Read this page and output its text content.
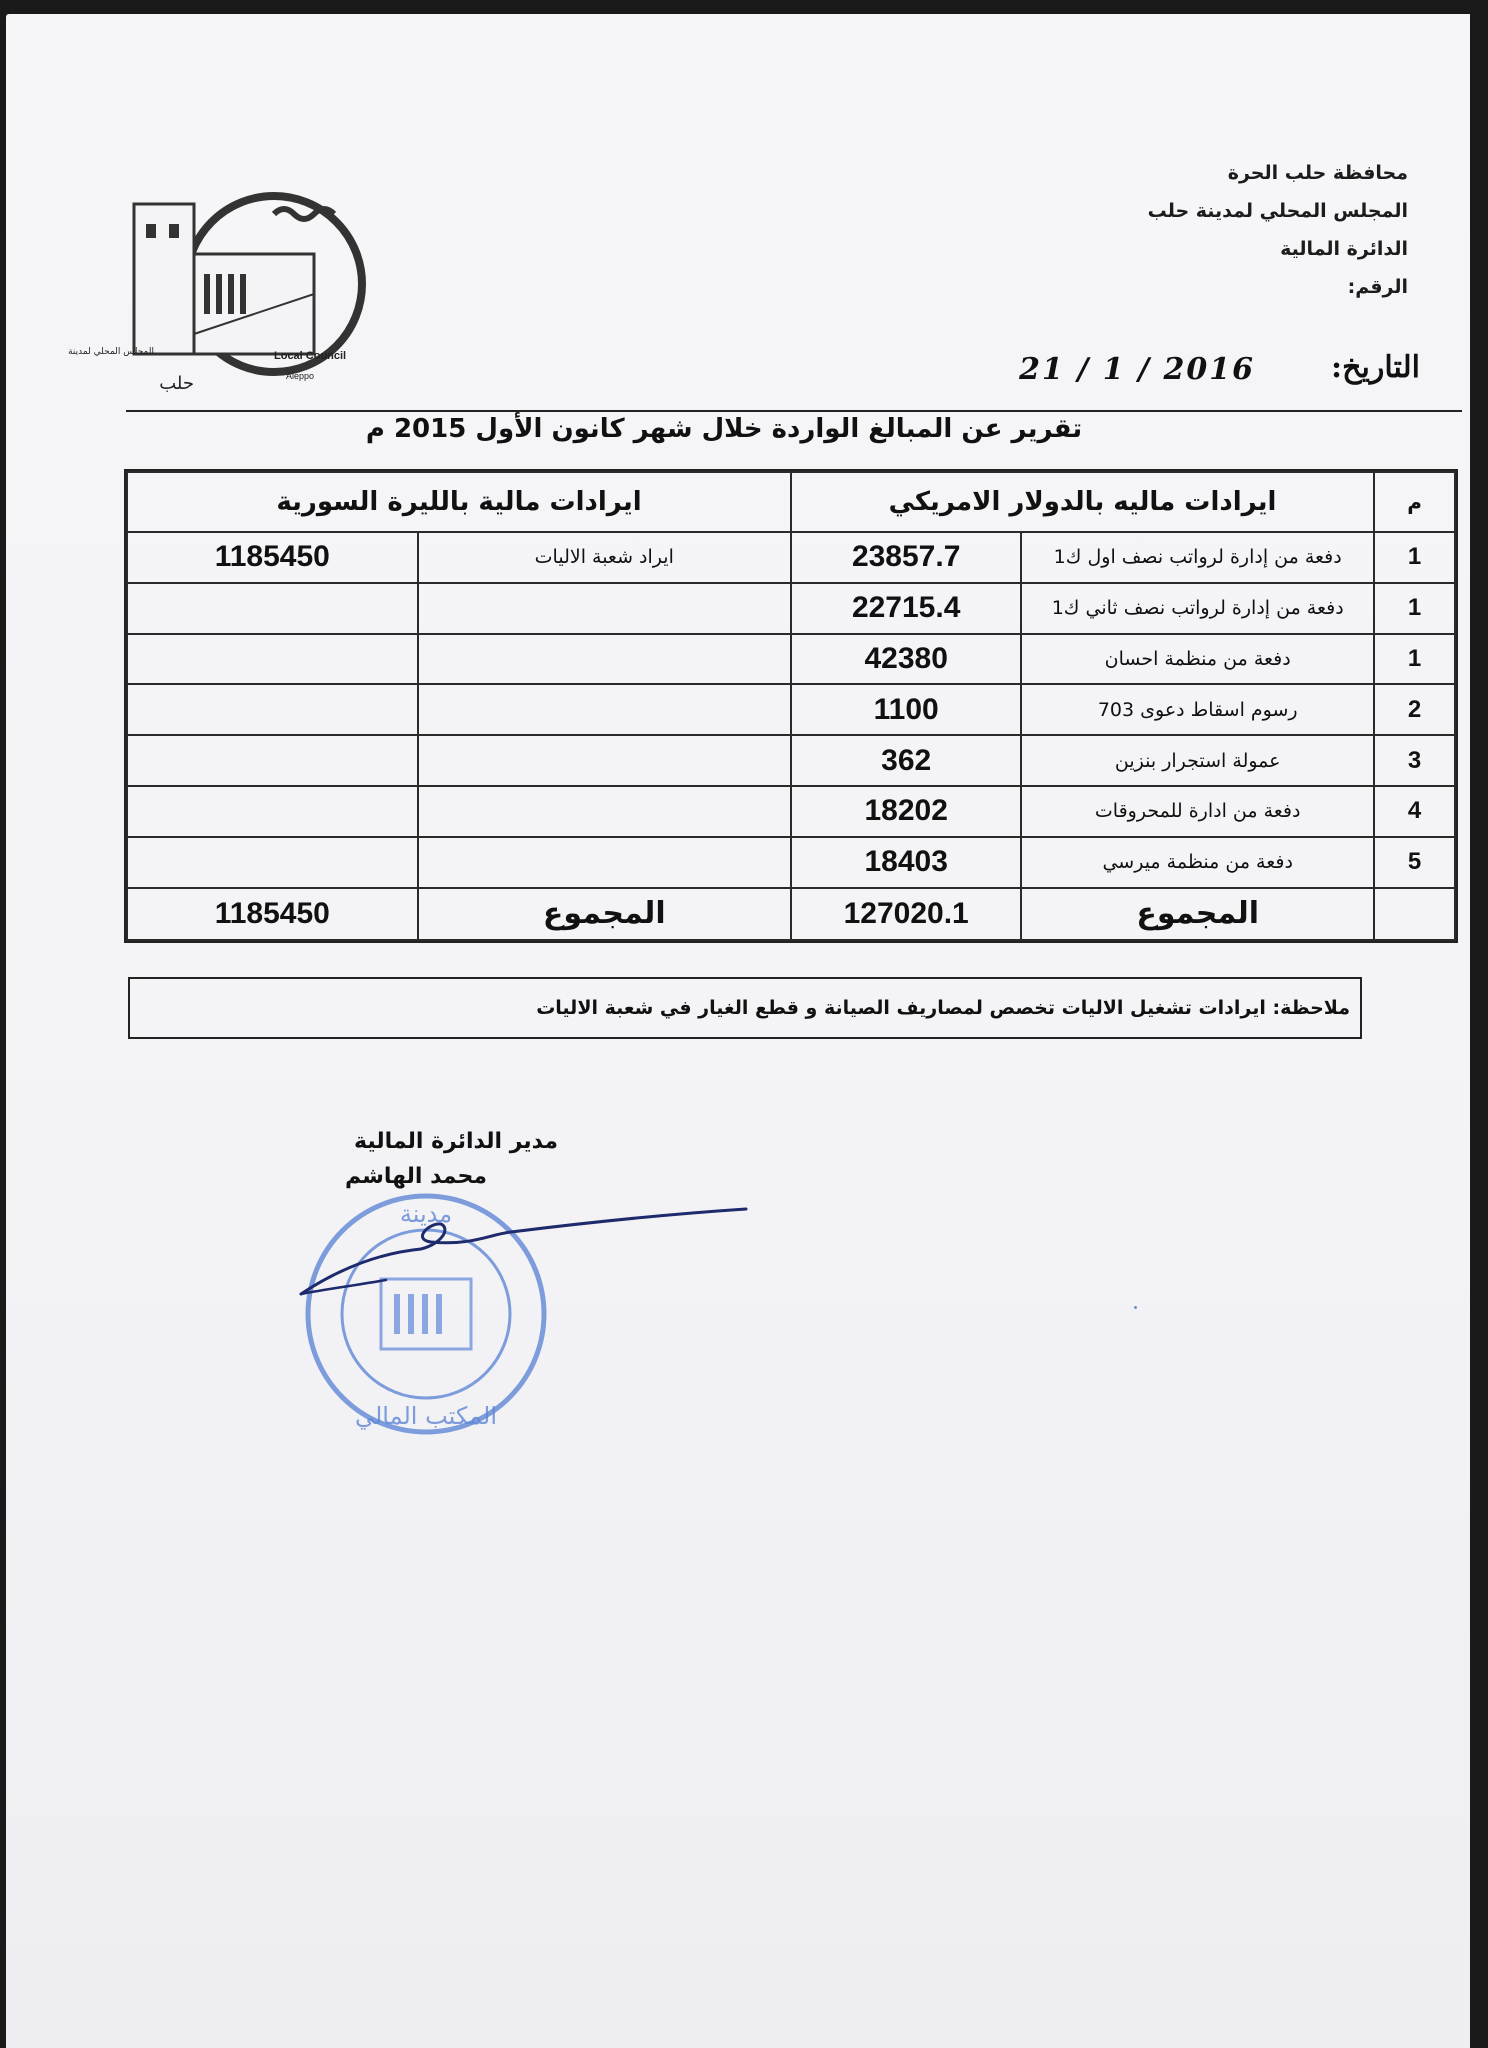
Local Council
Aleppo
المجلس المحلي لمدينة
حلب
محافظة حلب الحرة
المجلس المحلي لمدينة حلب
الدائرة المالية
الرقم:
التاريخ:
2016 / 1 / 21
تقرير عن المبالغ الواردة خلال شهر كانون الأول 2015 م
م	ايرادات ماليه بالدولار الامريكي		ايرادات مالية بالليرة السورية	
1	دفعة من إدارة لرواتب نصف اول ك1	23857.7	ايراد شعبة الاليات	1185450
1	دفعة من إدارة لرواتب نصف ثاني ك1	22715.4		
1	دفعة من منظمة احسان	42380		
2	رسوم اسقاط دعوى 703	1100		
3	عمولة استجرار بنزين	362		
4	دفعة من ادارة للمحروقات	18202		
5	دفعة من منظمة ميرسي	18403		
	المجموع	127020.1	المجموع	1185450
ملاحظة: ايرادات تشغيل الاليات تخصص لمصاريف الصيانة و قطع الغيار في شعبة الاليات
مدير الدائرة المالية
محمد الهاشم
مدينة
المكتب المالي
